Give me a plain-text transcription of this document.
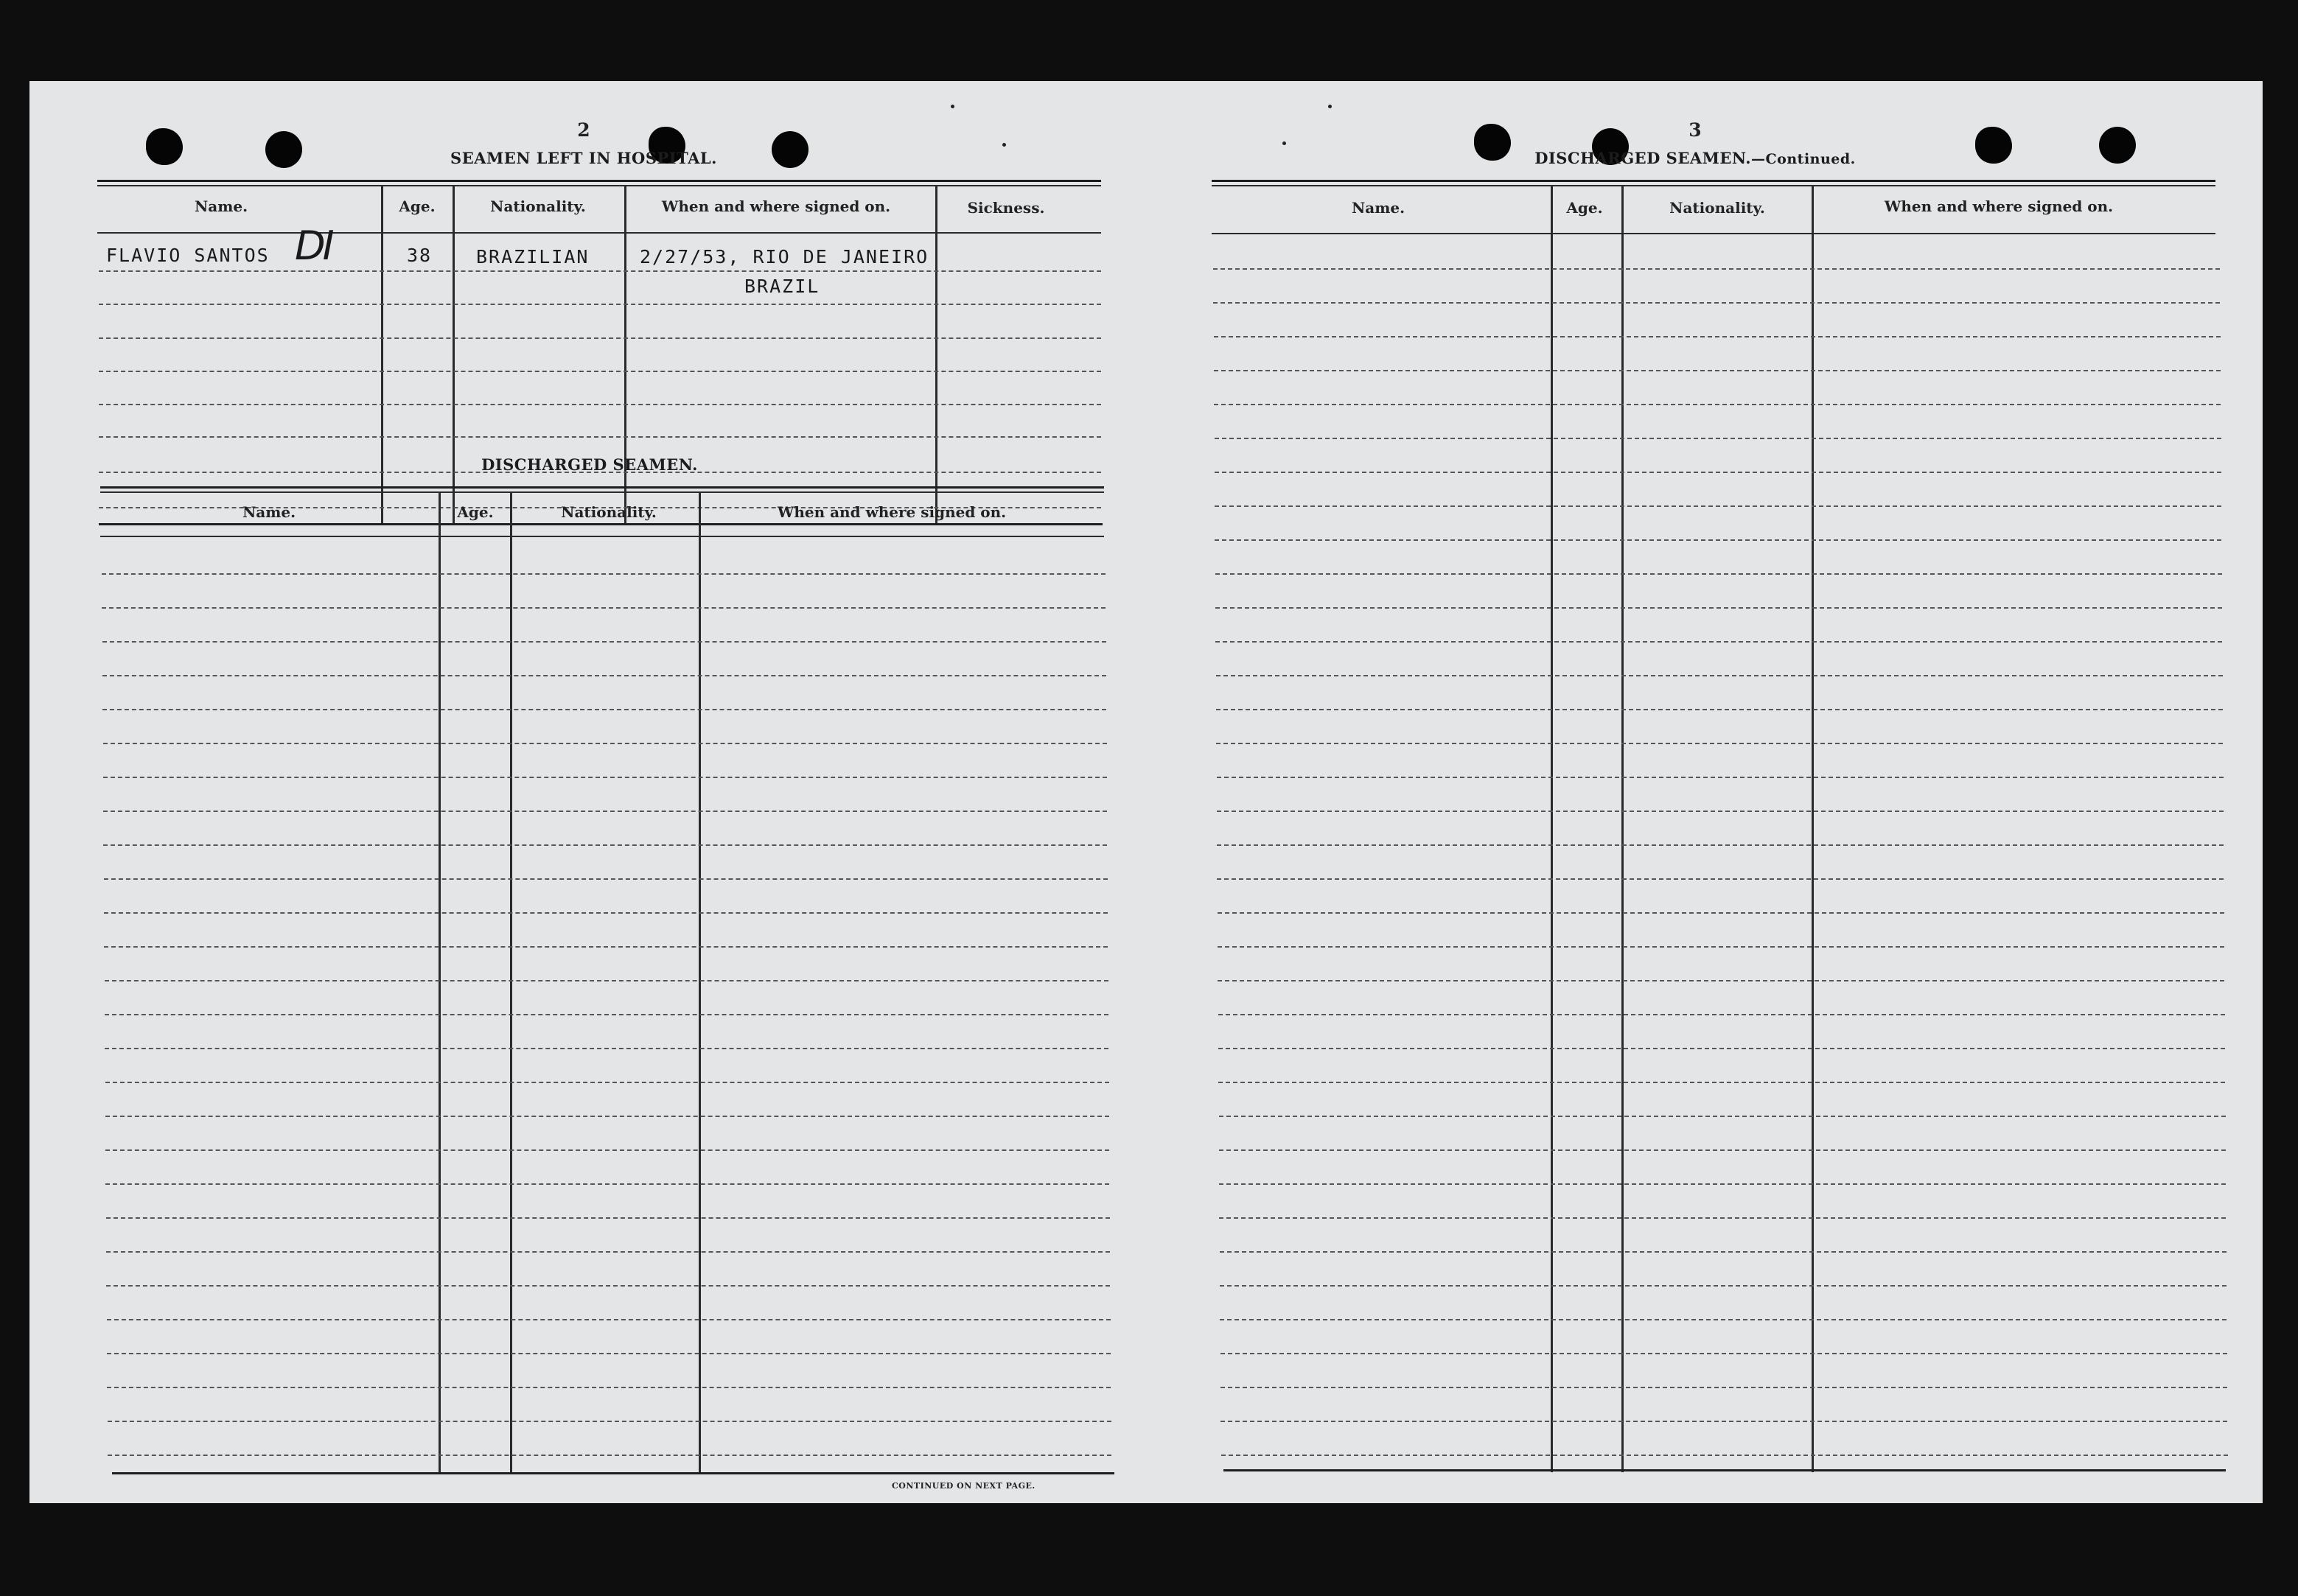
2
SEAMEN LEFT IN HOSPITAL.
Name.	Age.	Nationality.	When and where signed on.	Sickness.
FLAVIO SANTOS DI	38 BRAZILIAN	2/27/53, RIO DE JANEIRO
BRAZIL
DISCHARGED SEAMEN.
Name.	Age.	Nationality.	When and where signed on.
CONTINUED ON NEXT PAGE.
3
DISCHARGED SEAMEN.—Continued.
Name.	Age.	Nationality.	When and where signed on.
